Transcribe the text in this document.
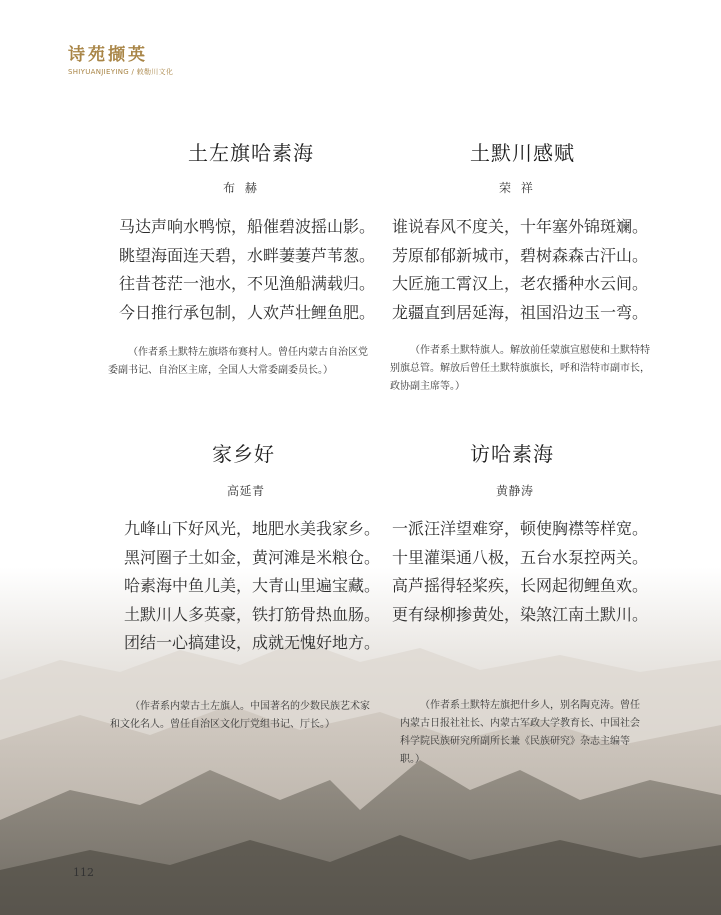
诗苑撷英
SHIYUANJIEYING / 敕勒川文化
土左旗哈素海
布 赫
马达声响水鸭惊，船催碧波摇山影。
眺望海面连天碧，水畔萋萋芦苇葱。
往昔苍茫一池水，不见渔船满载归。
今日推行承包制，人欢芦壮鲤鱼肥。
（作者系土默特左旗塔布赛村人。曾任内蒙古自治区党委副书记、自治区主席，全国人大常委副委员长。）
土默川感赋
荣 祥
谁说春风不度关，十年塞外锦斑斓。
芳原郁郁新城市，碧树森森古汗山。
大匠施工霄汉上，老农播种水云间。
龙疆直到居延海，祖国沿边玉一弯。
（作者系土默特旗人。解放前任蒙旗宣慰使和土默特特别旗总管。解放后曾任土默特旗旗长，呼和浩特市副市长，政协副主席等。）
家乡好
高延青
九峰山下好风光，地肥水美我家乡。
黑河圈子土如金，黄河滩是米粮仓。
哈素海中鱼儿美，大青山里遍宝藏。
土默川人多英豪，铁打筋骨热血肠。
团结一心搞建设，成就无愧好地方。
（作者系内蒙古土左旗人。中国著名的少数民族艺术家和文化名人。曾任自治区文化厅党组书记、厅长。）
访哈素海
黄静涛
一派汪洋望难穿，顿使胸襟等样宽。
十里灌渠通八极，五台水泵控两关。
高芦摇得轻桨疾，长网起彻鲤鱼欢。
更有绿柳掺黄处，染煞江南土默川。
（作者系土默特左旗把什乡人，别名陶克涛。曾任内蒙古日报社社长、内蒙古军政大学教育长、中国社会科学院民族研究所副所长兼《民族研究》杂志主编等职。）
112
